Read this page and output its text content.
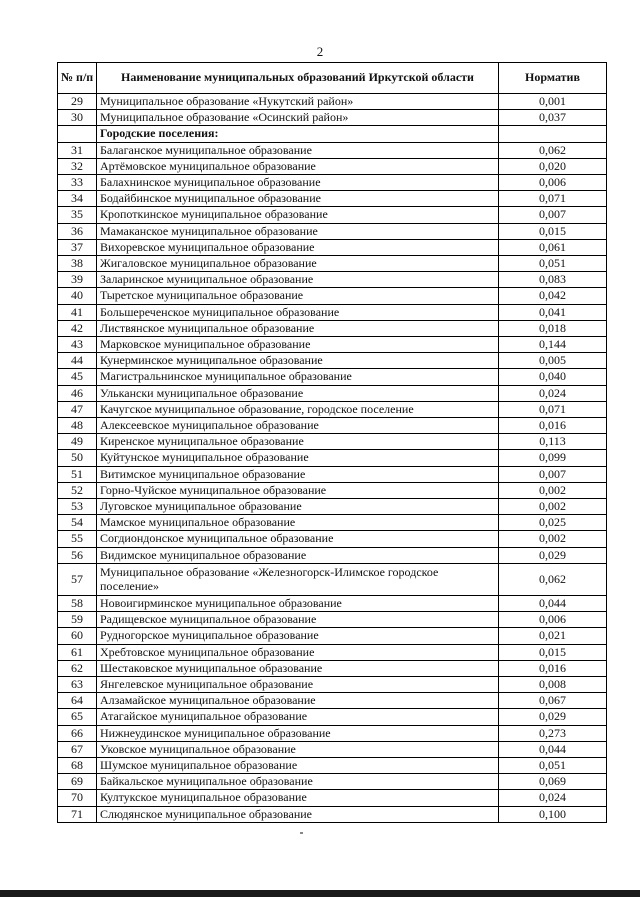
2
№ п/п	Наименование муниципальных образований Иркутской области	Норматив
29	Муниципальное образование «Нукутский район»	0,001
30	Муниципальное образование «Осинский район»	0,037
	Городские поселения:	
31	Балаганское муниципальное образование	0,062
32	Артёмовское муниципальное образование	0,020
33	Балахнинское муниципальное образование	0,006
34	Бодайбинское муниципальное образование	0,071
35	Кропоткинское муниципальное образование	0,007
36	Мамаканское муниципальное образование	0,015
37	Вихоревское муниципальное образование	0,061
38	Жигаловское муниципальное образование	0,051
39	Заларинское муниципальное образование	0,083
40	Тыретское муниципальное образование	0,042
41	Большереченское муниципальное образование	0,041
42	Листвянское муниципальное образование	0,018
43	Марковское муниципальное образование	0,144
44	Кунерминское муниципальное образование	0,005
45	Магистральнинское муниципальное образование	0,040
46	Улькански муниципальное образование	0,024
47	Качугское муниципальное образование, городское поселение	0,071
48	Алексеевское муниципальное образование	0,016
49	Киренское муниципальное образование	0,113
50	Куйтунское муниципальное образование	0,099
51	Витимское муниципальное образование	0,007
52	Горно-Чуйское муниципальное образование	0,002
53	Луговское муниципальное образование	0,002
54	Мамское муниципальное образование	0,025
55	Согдиондонское муниципальное образование	0,002
56	Видимское муниципальное образование	0,029
57	Муниципальное образование «Железногорск-Илимское городское поселение»	0,062
58	Новоигирминское муниципальное образование	0,044
59	Радищевское муниципальное образование	0,006
60	Рудногорское муниципальное образование	0,021
61	Хребтовское муниципальное образование	0,015
62	Шестаковское муниципальное образование	0,016
63	Янгелевское муниципальное образование	0,008
64	Алзамайское муниципальное образование	0,067
65	Атагайское муниципальное образование	0,029
66	Нижнеудинское муниципальное образование	0,273
67	Уковское муниципальное образование	0,044
68	Шумское муниципальное образование	0,051
69	Байкальское муниципальное образование	0,069
70	Култукское муниципальное образование	0,024
71	Слюдянское муниципальное образование	0,100
